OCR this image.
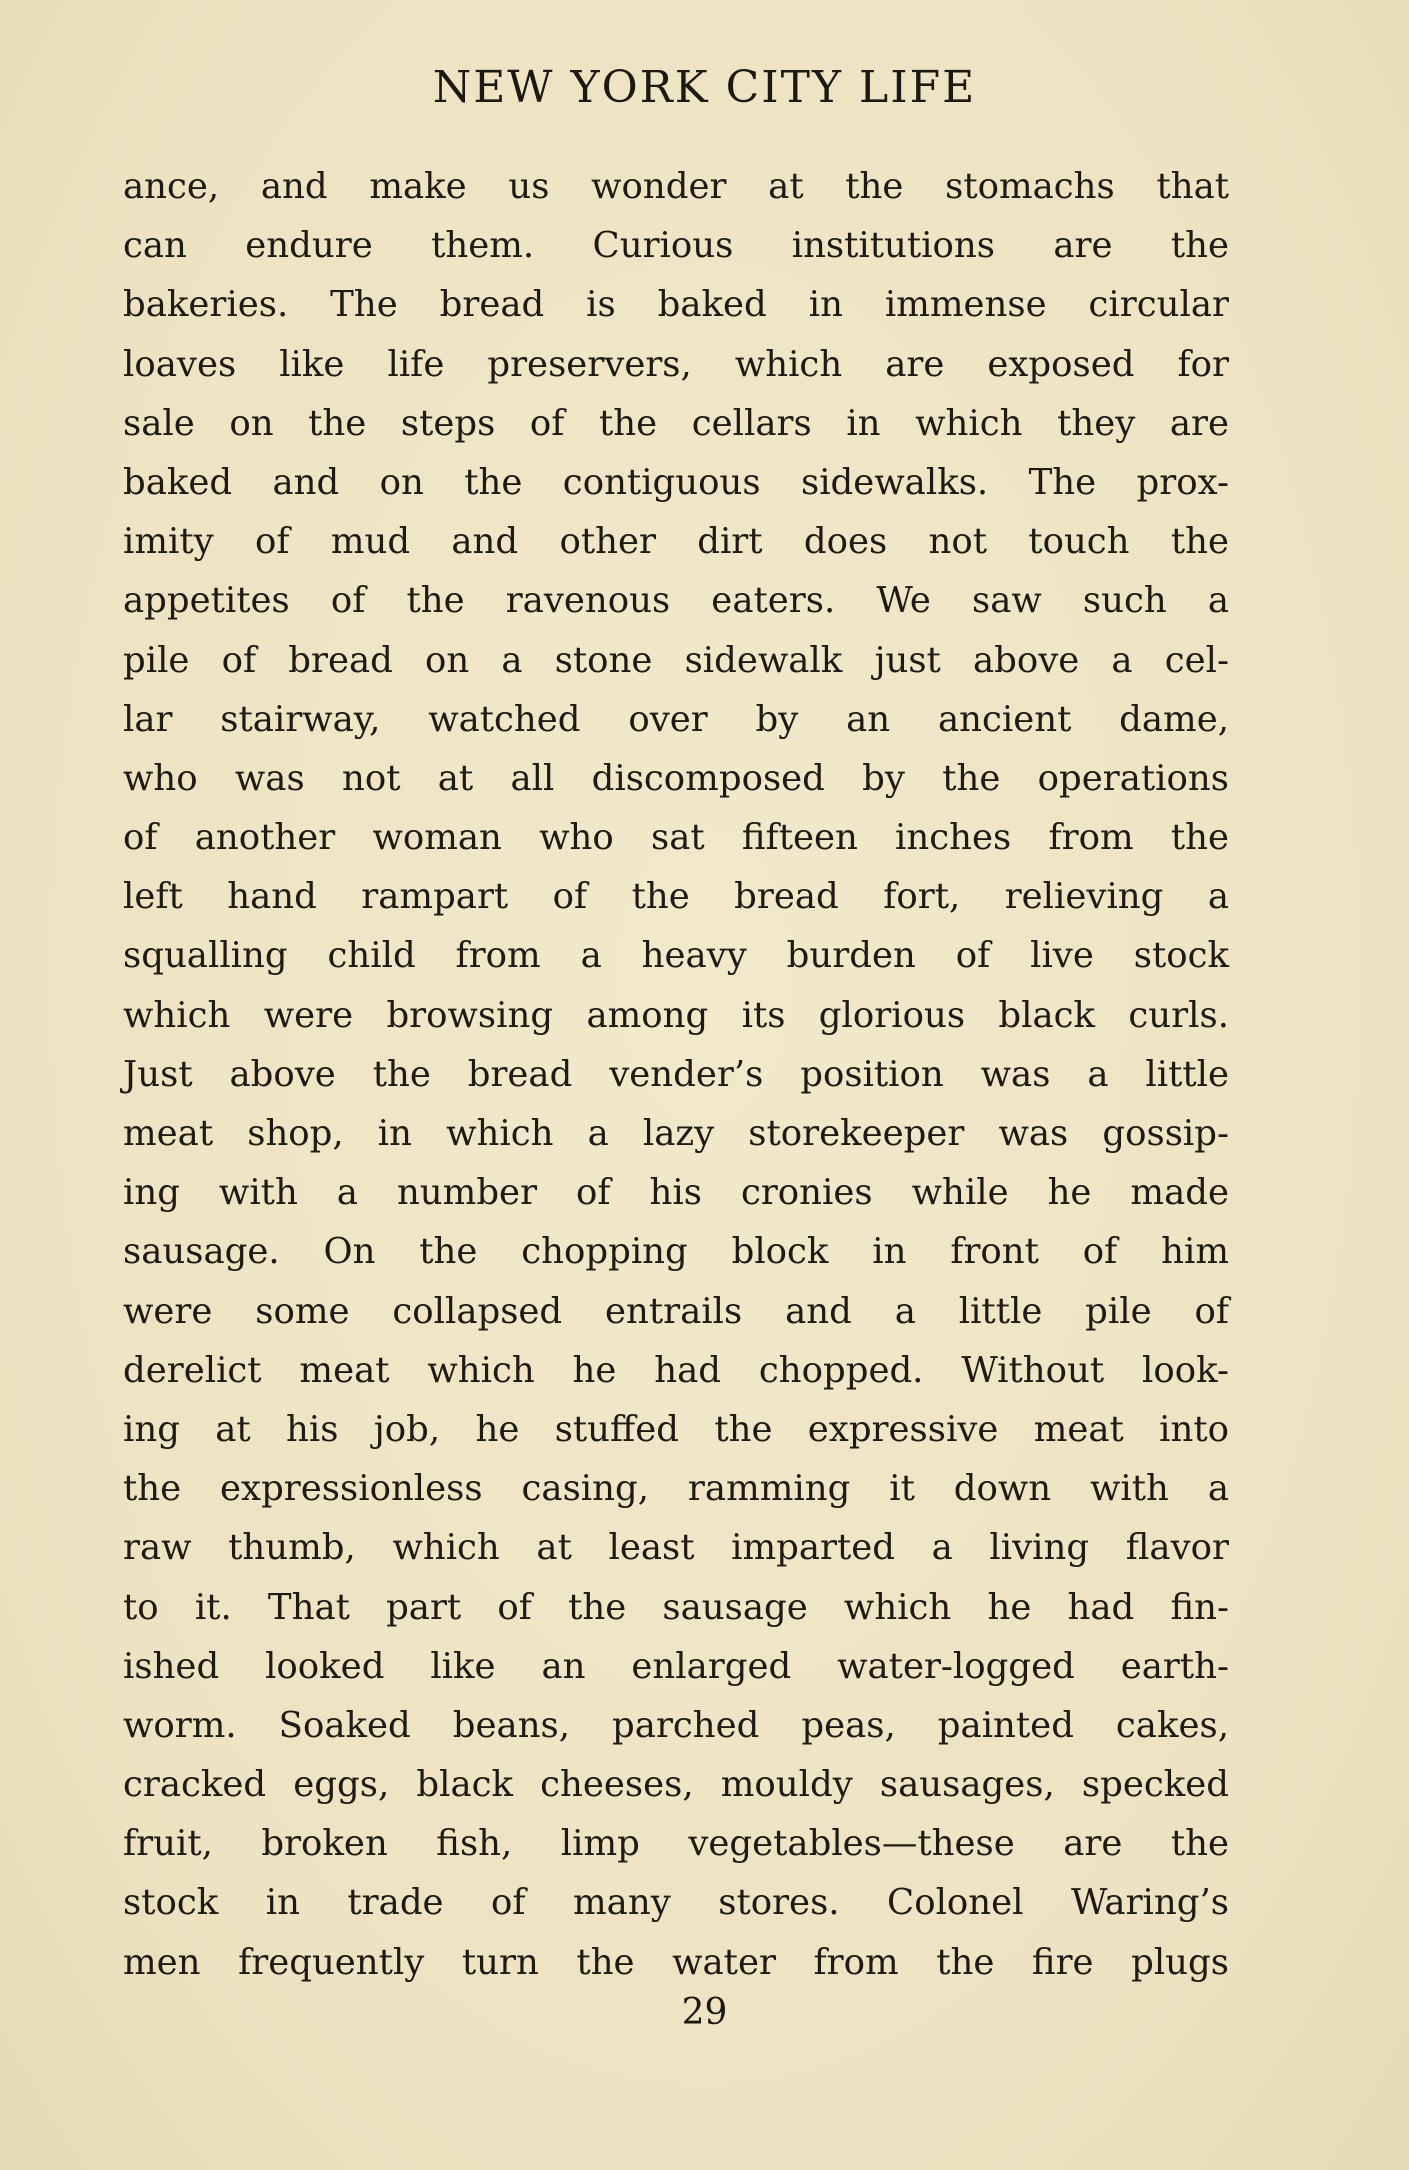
NEW YORK CITY LIFE
ance, and make us wonder at the stomachs that
can endure them. Curious institutions are the
bakeries. The bread is baked in immense circular
loaves like life preservers, which are exposed for
sale on the steps of the cellars in which they are
baked and on the contiguous sidewalks. The prox-
imity of mud and other dirt does not touch the
appetites of the ravenous eaters. We saw such a
pile of bread on a stone sidewalk just above a cel-
lar stairway, watched over by an ancient dame,
who was not at all discomposed by the operations
of another woman who sat fifteen inches from the
left hand rampart of the bread fort, relieving a
squalling child from a heavy burden of live stock
which were browsing among its glorious black curls.
Just above the bread vender’s position was a little
meat shop, in which a lazy storekeeper was gossip-
ing with a number of his cronies while he made
sausage. On the chopping block in front of him
were some collapsed entrails and a little pile of
derelict meat which he had chopped. Without look-
ing at his job, he stuffed the expressive meat into
the expressionless casing, ramming it down with a
raw thumb, which at least imparted a living flavor
to it. That part of the sausage which he had fin-
ished looked like an enlarged water-logged earth-
worm. Soaked beans, parched peas, painted cakes,
cracked eggs, black cheeses, mouldy sausages, specked
fruit, broken fish, limp vegetables—these are the
stock in trade of many stores. Colonel Waring’s
men frequently turn the water from the fire plugs
29
